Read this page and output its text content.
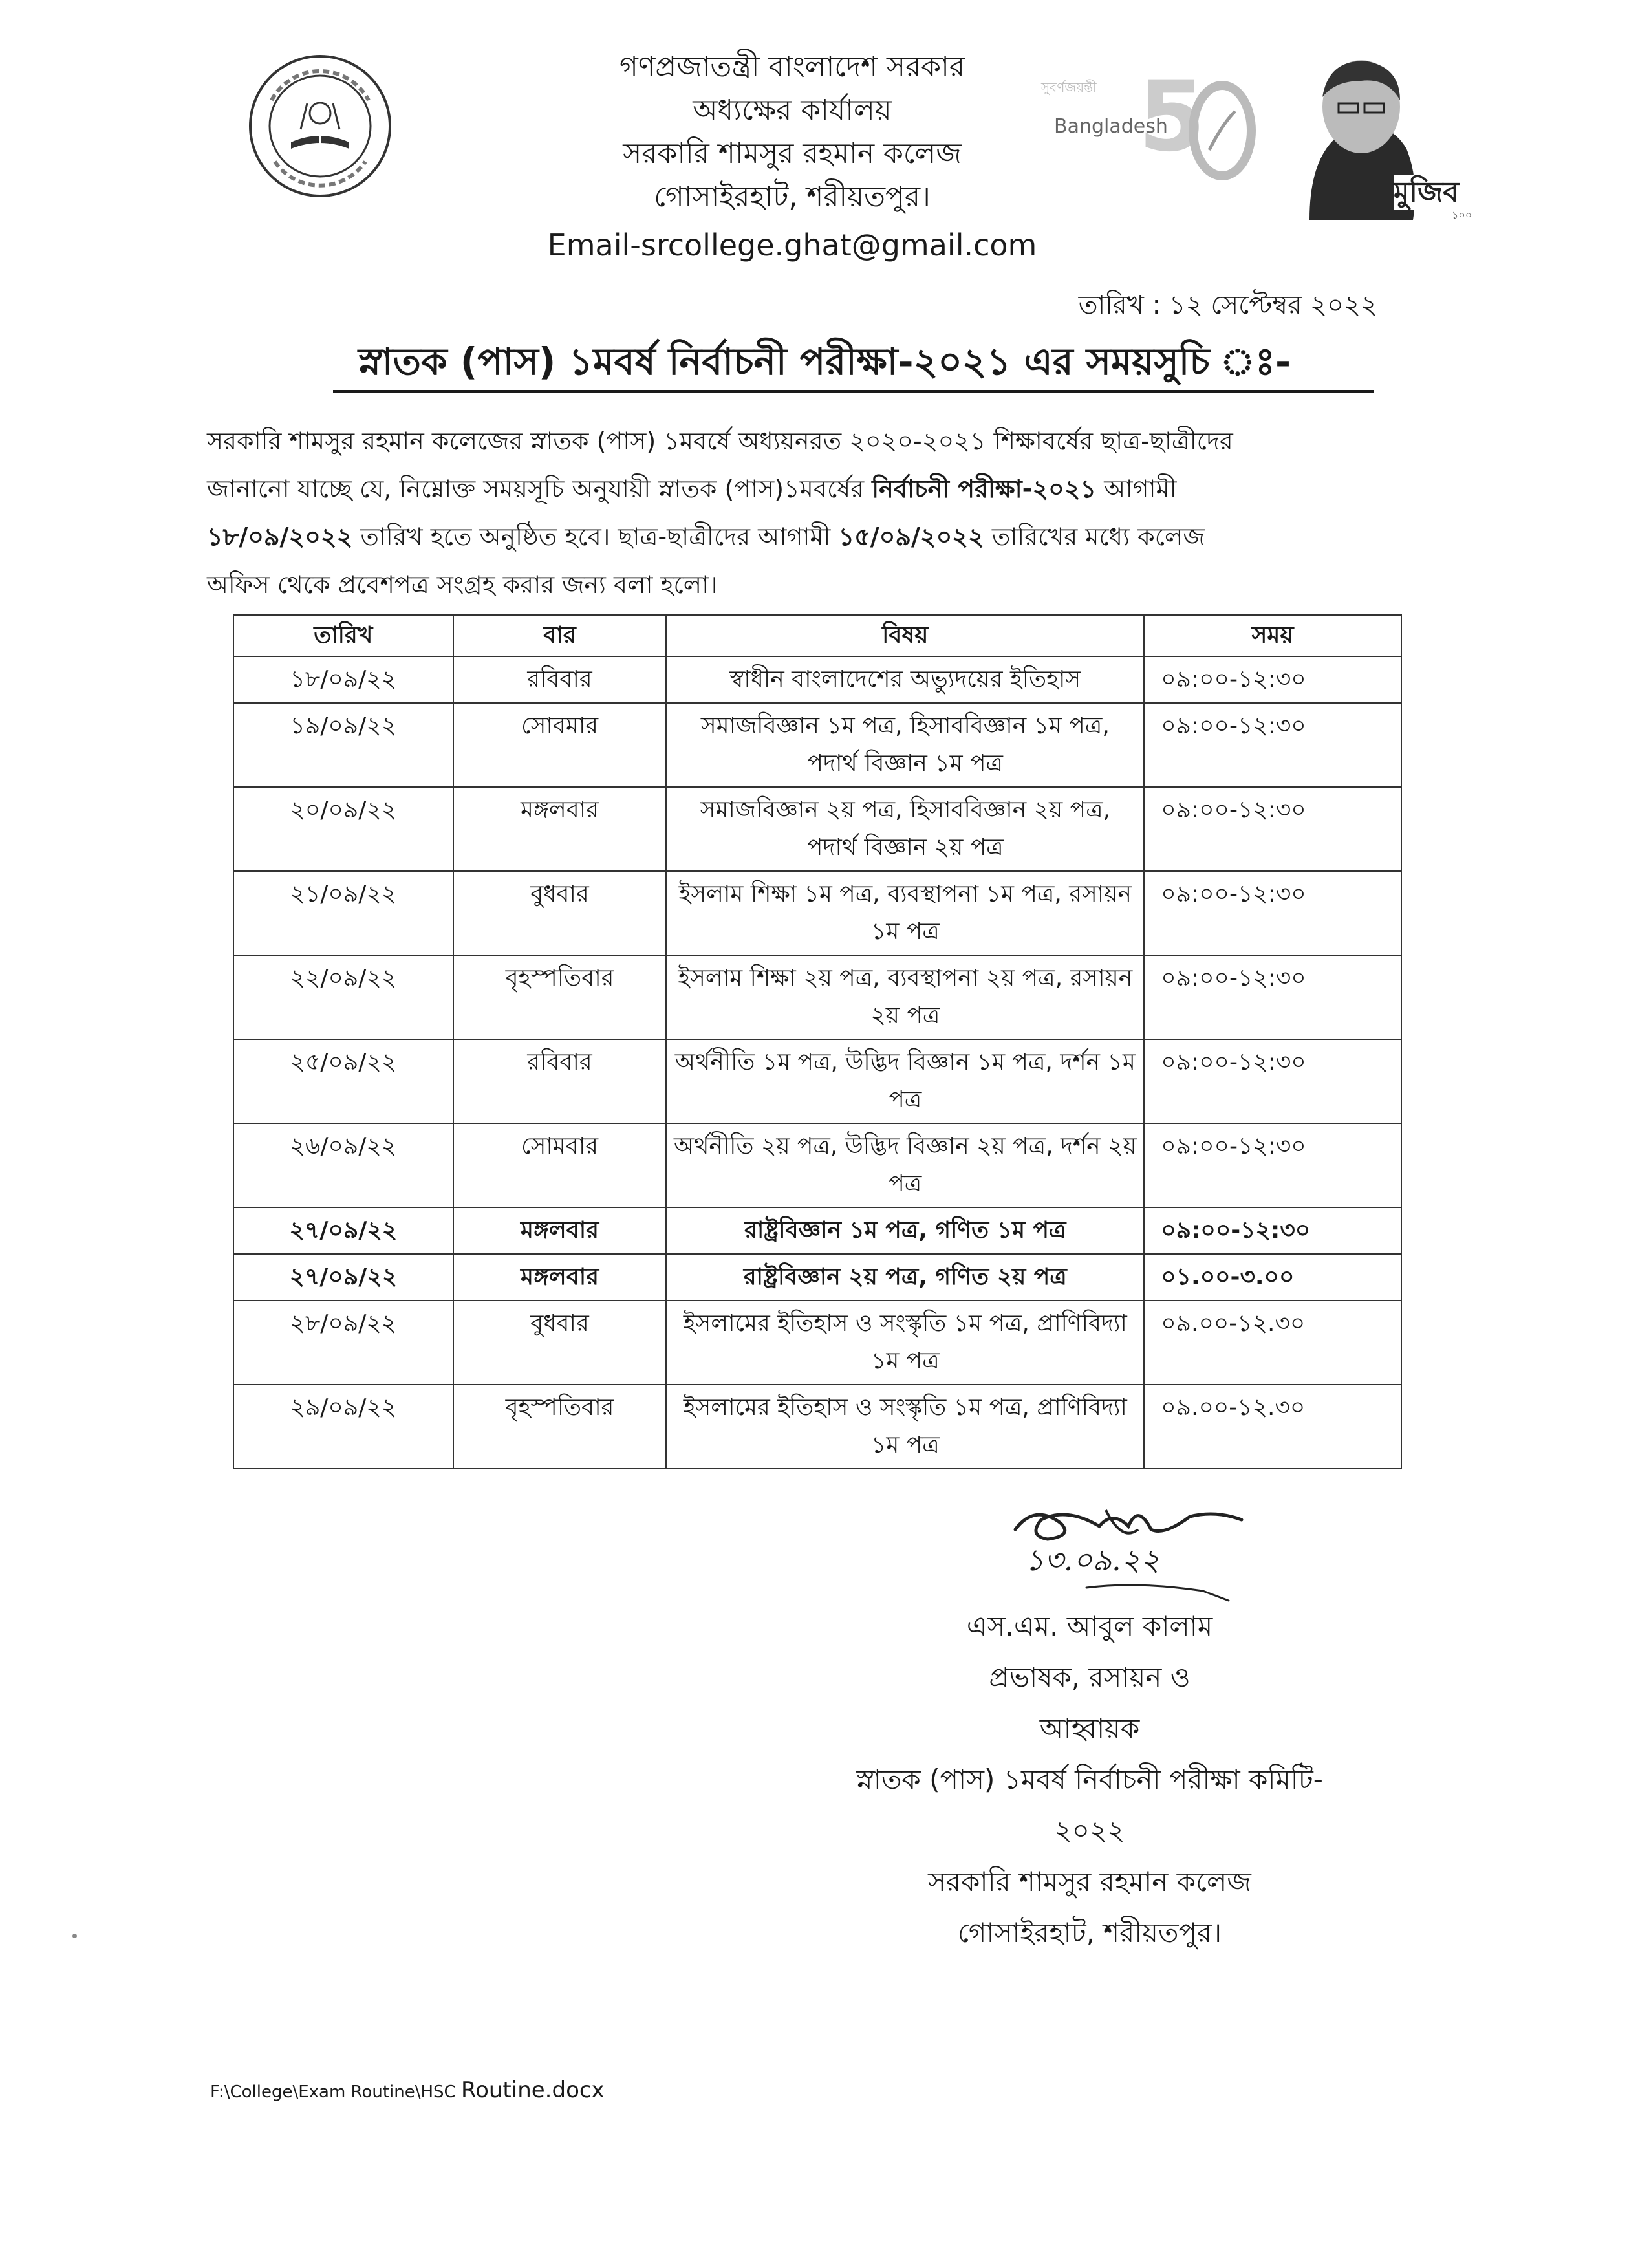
গণপ্রজাতন্ত্রী বাংলাদেশ সরকার
অধ্যক্ষের কার্যালয়
সরকারি শামসুর রহমান কলেজ
গোসাইরহাট, শরীয়তপুর।
Email-srcollege.ghat@gmail.com
সুবর্ণজয়ন্তী 5
Bangladesh
মুজিব
১০০
তারিখ : ১২ সেপ্টেম্বর ২০২২
স্নাতক (পাস) ১মবর্ষ নির্বাচনী পরীক্ষা-২০২১ এর সময়সুচি ঃ-
সরকারি শামসুর রহমান কলেজের স্নাতক (পাস) ১মবর্ষে অধ্যয়নরত ২০২০-২০২১ শিক্ষাবর্ষের ছাত্র-ছাত্রীদের
জানানো যাচ্ছে যে, নিম্নোক্ত সময়সূচি অনুযায়ী স্নাতক (পাস)১মবর্ষের নির্বাচনী পরীক্ষা-২০২১ আগামী
১৮/০৯/২০২২ তারিখ হতে অনুষ্ঠিত হবে। ছাত্র-ছাত্রীদের আগামী ১৫/০৯/২০২২ তারিখের মধ্যে কলেজ
অফিস থেকে প্রবেশপত্র সংগ্রহ করার জন্য বলা হলো।
তারিখ	বার	বিষয়	সময়
১৮/০৯/২২	রবিবার	স্বাধীন বাংলাদেশের অভ্যুদয়ের ইতিহাস	০৯:০০-১২:৩০
১৯/০৯/২২	সোবমার	সমাজবিজ্ঞান ১ম পত্র, হিসাববিজ্ঞান ১ম পত্র, পদার্থ বিজ্ঞান ১ম পত্র	০৯:০০-১২:৩০
২০/০৯/২২	মঙ্গলবার	সমাজবিজ্ঞান ২য় পত্র, হিসাববিজ্ঞান ২য় পত্র, পদার্থ বিজ্ঞান ২য় পত্র	০৯:০০-১২:৩০
২১/০৯/২২	বুধবার	ইসলাম শিক্ষা ১ম পত্র, ব্যবস্থাপনা ১ম পত্র, রসায়ন ১ম পত্র	০৯:০০-১২:৩০
২২/০৯/২২	বৃহস্পতিবার	ইসলাম শিক্ষা ২য় পত্র, ব্যবস্থাপনা ২য় পত্র, রসায়ন ২য় পত্র	০৯:০০-১২:৩০
২৫/০৯/২২	রবিবার	অর্থনীতি ১ম পত্র, উদ্ভিদ বিজ্ঞান ১ম পত্র, দর্শন ১ম পত্র	০৯:০০-১২:৩০
২৬/০৯/২২	সোমবার	অর্থনীতি ২য় পত্র, উদ্ভিদ বিজ্ঞান ২য় পত্র, দর্শন ২য় পত্র	০৯:০০-১২:৩০
২৭/০৯/২২	মঙ্গলবার	রাষ্ট্রবিজ্ঞান ১ম পত্র, গণিত ১ম পত্র	০৯:০০-১২:৩০
২৭/০৯/২২	মঙ্গলবার	রাষ্ট্রবিজ্ঞান ২য় পত্র, গণিত ২য় পত্র	০১.০০-৩.০০
২৮/০৯/২২	বুধবার	ইসলামের ইতিহাস ও সংস্কৃতি ১ম পত্র, প্রাণিবিদ্যা ১ম পত্র	০৯.০০-১২.৩০
২৯/০৯/২২	বৃহস্পতিবার	ইসলামের ইতিহাস ও সংস্কৃতি ১ম পত্র, প্রাণিবিদ্যা ১ম পত্র	০৯.০০-১২.৩০
১৩.০৯.২২
এস.এম. আবুল কালাম
প্রভাষক, রসায়ন ও
আহ্বায়ক
স্নাতক (পাস) ১মবর্ষ নির্বাচনী পরীক্ষা কমিটি-
২০২২
সরকারি শামসুর রহমান কলেজ
গোসাইরহাট, শরীয়তপুর।
F:\College\Exam Routine\HSC Routine.docx
